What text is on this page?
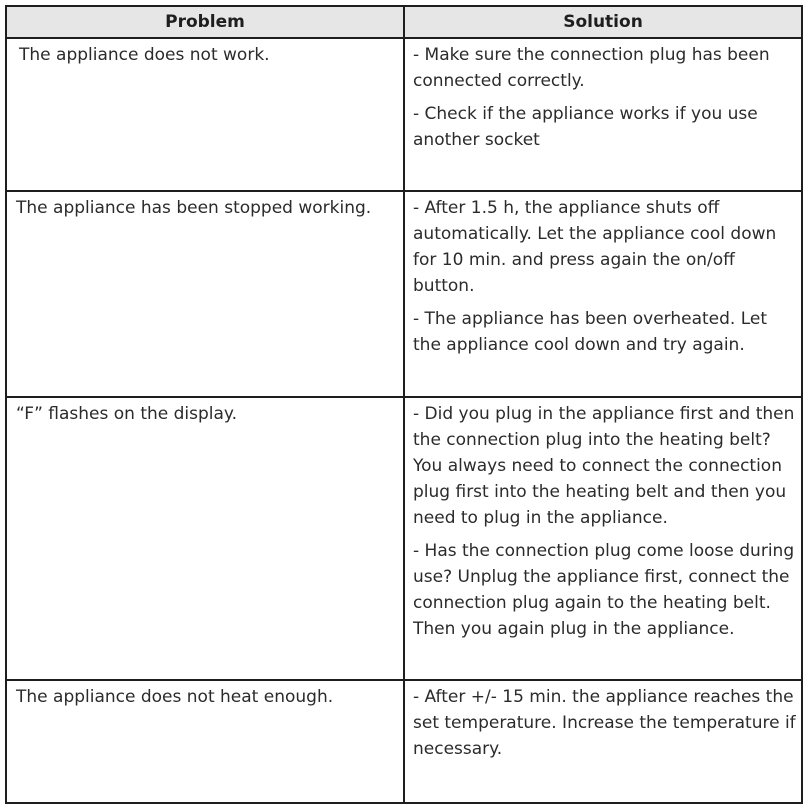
Problem	Solution
The appliance does not work.	- Make sure the connection plug has been connected correctly.

- Check if the appliance works if you use another socket

The appliance has been stopped working.	- After 1.5 h, the appliance shuts off automatically. Let the appliance cool down for 10 min. and press again the on/off button.

- The appliance has been overheated. Let the appliance cool down and try again.

“F” flashes on the display.	- Did you plug in the appliance first and then the connection plug into the heating belt? You always need to connect the connection plug first into the heating belt and then you need to plug in the appliance.

- Has the connection plug come loose during use? Unplug the appliance first, connect the connection plug again to the heating belt. Then you again plug in the appliance.

The appliance does not heat enough.	- After +/- 15 min. the appliance reaches the set temperature. Increase the temperature if necessary.
